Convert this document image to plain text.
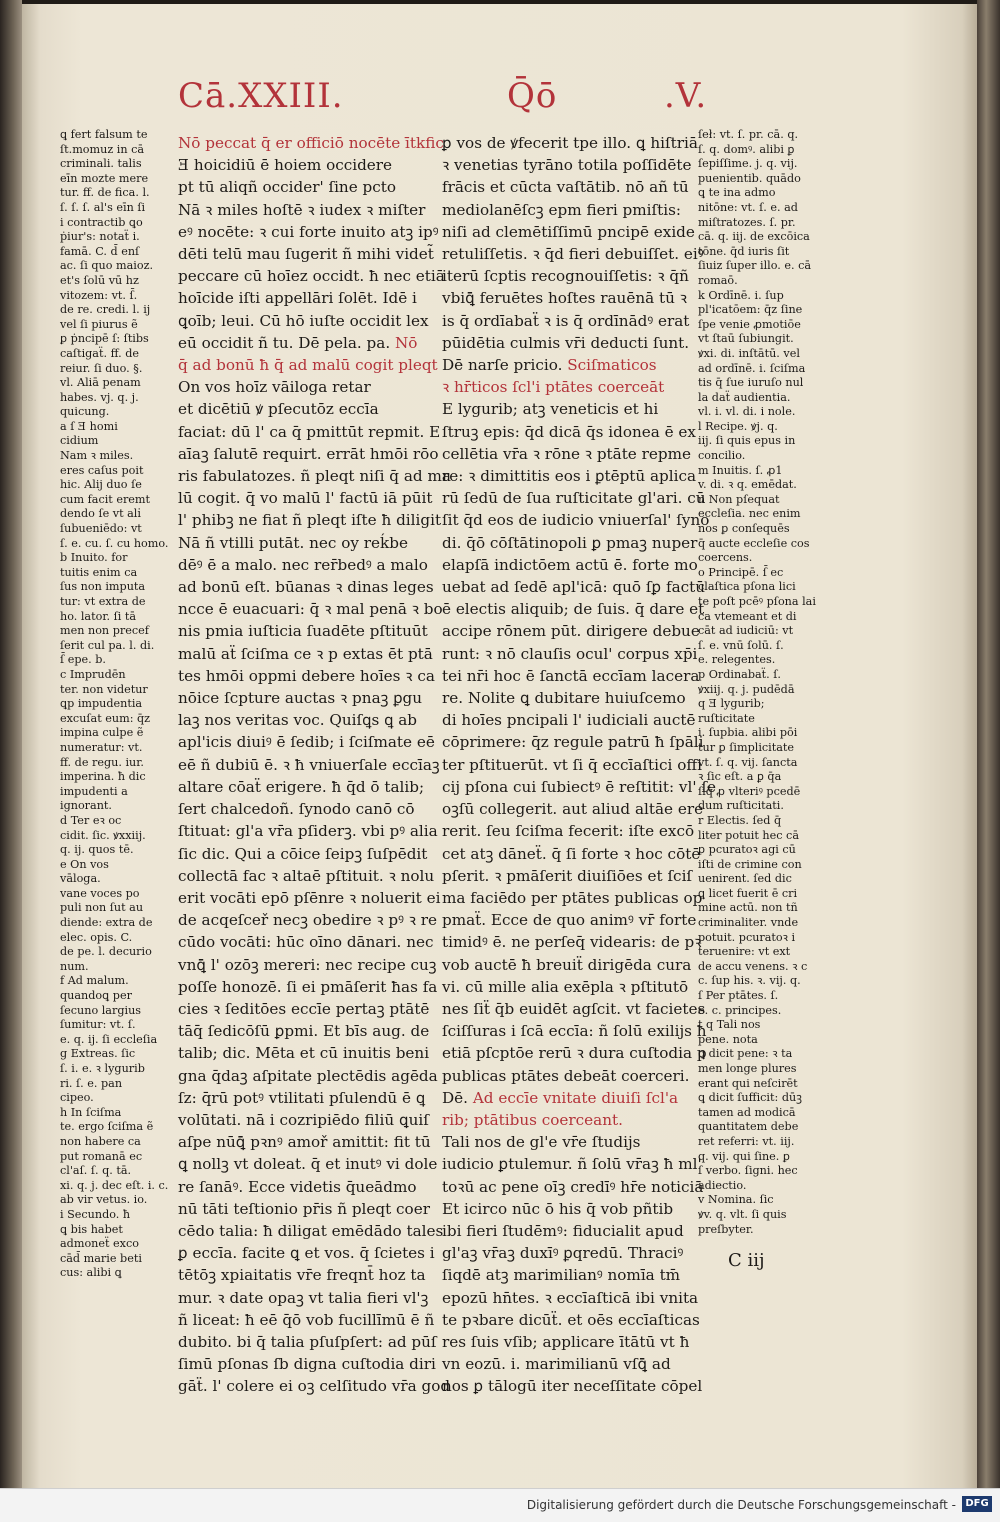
Cā.XXIII.	Q̄ō	.V.
ꝗ fert falsum te
ſt.momuz in cā
criminali. talis
eīn mozte mere
tur. ff. de fica. l.
ſ. ſ. ſ. al's eīn ſi
i contractib ꝗo
ṗiur's: notaẗ i.
famā. C. d̄ enſ
ac. ſi quo maioz.
et's ſolū vū hz
vitozem: vt. ſ̄.
de re. credi. l. ij
vel ſi piurus ẽ
ꝑ ṗncipē ſ: ſtibs
caſtigaẗ. ff. de
reiur. ſi duo. §.
vl. Aliā penam
habes. vj. q. j.
quicung.
a ſ Ǝ homi
cidium
Nam ꝛ miles.
eres caſus poit
hic. Alij duo ſe
cum facit eremt
dendo ſe vt ali̇
ſubueniēdo: vt
ſ. e. cu. ſ. cu homo.
b Inuito. for
tuitis enim ca
ſus non imputa
tur: vt extra de
ho. lator. ſi tā
men non precef
ſerit cul pa. l. di.
ſ̄ epe. b.
c Imprudēn
ter. non videtur
ꝗp impudentia
excuſat eum: q̄z
impina culpe ẽ
numeratur: vt.
ff. de regu. iur.
imperina. ħ dic
impudenti a
ignorant.
d Ter eꝛ oc
cidit. ſic. ꝟxxiij.
q. ij. quos tē.
e On vos
vāloga.
vane voces po
puli non ſut au
diende: extra de
elec. opis. C.
de pe. l. decurio
num.
f Ad malum.
quandoꝗ per
ſecuno largius
ſumitur: vt. ſ.
e. q. ij. ſi eccleſia
g Extreas. ſic
ſ. i. e. ꝛ lygurib
ri. ſ. e. pan
cipeo.
h In ſciſma
te. ergo ſciſma ẽ
non habere ca
put romanā ec
cl'aſ. ſ. q. tā.
xi. q. j. dec eſt. i. c.
ab vir vetus. io.
i Secundo. ħ
ꝗ bis habet
admoneẗ exco
cād̄ marie beti
cus: alibi ꝗ
Nō peccat q̄ er officiō nocēte ītkfic
Ǝ hoicidiū ē hoiem occidere
pt tū aliqñ occider' ſine pcto
Nā ꝛ miles hoſtē ꝛ iudex ꝛ miſter
eꝰ nocēte: ꝛ cui forte inuito atꝫ ipꝰ
dēti telū mau ſugerit ñ mihi videt̃
peccare cū hoīez occidt. ħ nec etiā
hoīcide iſti appellāri ſolēt. Idē i
ꝗoīb; leui. Cū hō iuſte occidit lex
eū occidit ñ tu. Dē pela. pa. Nō
q̄ ad bonū ħ q̄ ad malū cogit pleqt
On vos hoīz vāiloga retar
et dicētiū ꝟ pſecutōz eccīa
faciat: dū l' ca q̄ pmittūt repmit. E
aīaꝫ ſalutē requirt. errāt hmōi rōo
ris fabulatozes. ñ pleqt niſi q̄ ad ma
lū cogit. q̄ vo malū l' factū iā pūit
l' phibꝫ ne fiat ñ pleqt iſte ħ diligit
Nā ñ vtilli putāt. nec oy reḱbe
dēꝰ ē a malo. nec rer̄bedꝰ a malo
ad bonū eſt. būanas ꝛ dinas leges
ncce ē euacuari: q̄ ꝛ mal penā ꝛ bo
nis pmia iuſticia ſuadēte pſtituūt
malū aẗ ſciſma ce ꝛ p extas ēt ptā
tes hmōi oppmi debere hoīes ꝛ ca
nōice ſcpture auctas ꝛ pnaꝫ ꝑgu
laꝫ nos veritas voc. Quiſꝗs ꝗ ab
apl'icis diuiꝰ ē ſedib; i ſciſmate eē
eē ñ dubiū ē. ꝛ ħ vniuerſale eccīaꝫ
altare cōaẗ erigere. ħ q̄d ō talib;
ſert chalcedoñ. ſynodo canō cō
ſtituat: gl'a vr̄a pſiderꝫ. vbi pꝰ alia
ſic dic. Qui a cōice ſeipꝫ ſuſpēdit
collectā fac ꝛ altaē pſtituit. ꝛ nolu
erit vocāti epō pſēnre ꝛ noluerit ei
de acqeſceř necꝫ obedire ꝛ pꝰ ꝛ re
cūdo vocāti: hūc oīno dānari. nec
vnꝗ̄ l' ozōꝫ mereri: nec recipe cuꝫ
poſſe honozē. ſi ei pmāſerit ħas fa
cies ꝛ ſeditōes eccīe pertaꝫ ptātē
tāq̄ ſedicōſū ꝑpmi. Et bīs aug. de
talib; dic. Mēta et cū inuitis beni
gna q̄daꝫ aſpitate plectēdis agēda
ſz: q̄rū potꝰ vtilitati pſulendū ē ꝗ
volūtati. nā i cozripiēdo filiū ꝗuiſ
aſpe nūꝗ̄ pꝛnꝰ amoř amittit: fit tū
ꝗ nollꝫ vt doleat. q̄ et inutꝰ vi dole
re ſanāꝰ. Ecce videtis q̄ueādmo
nū tāti teſtionio pr̄is ñ pleqt coer
cēdo talia: ħ diligat emēdādo tales
ꝑ eccīa. facite ꝗ et vos. q̄ ſcietes i
tētōꝫ xpiaitatis vr̄e freqnt̄ hoz ta
mur. ꝛ date opaꝫ vt talia fieri vl'ꝫ
ñ liceat: ħ eē q̄ō vob fucillīmū ē ñ
dubito. bi q̄ talia pſuſpſert: ad pūſ
ſimū pſonas ſb digna cuſtodia diri
gāẗ. l' colere ei oꝫ celſitudo vr̄a god
ꝑ vos de ꝟfecerit tpe illo. ꝗ hiſtriā
ꝛ venetias tyrāno totila poſſidēte
frācis et cūcta vaſtātib. nō añ tū
mediolanēſcꝫ epm fieri pmiſtis:
niſi ad clemētiſſimū pncipē exide
retuliſſetis. ꝛ q̄d fieri debuiſſet. eiꝰ
iterū ſcptis recognouiſſetis: ꝛ q̄ñ
vbiꝗ̄ feruētes hoſtes rauēnā tū ꝛ
is q̄ ordīabaẗ ꝛ is q̄ ordīnādꝰ erat
pūidētia culmis vr̄i deducti ſunt.
Dē narſe pricio. Sciſmaticos
ꝛ hr̄ticos ſcl'i ptātes coerceāt
E lygurib; atꝫ veneticis et hi
ſtruꝫ epis: q̄d dicā q̄s idonea ē ex
cellētia vr̄a ꝛ rōne ꝛ ptāte repme
re: ꝛ dimittitis eos i ꝑtēptū aplica
rū ſedū de ſua ruſticitate gl'ari. cū
ſit q̄d eos de iudicio vniuerſal' ſyno
di. q̄ō cōſtātinopoli ꝑ pmaꝫ nuper
elapſā indictōem actū ē. forte mo
uebat ad ſedē apl'icā: quō ſꝑ factū
ē electis aliquib; de ſuis. q̄ dare et
accipe rōnem pūt. dirigere debue
runt: ꝛ nō clauſis ocul' corpus xp̄i
tei nr̄i hoc ē ſanctā eccīam lacera
re. Nolite ꝗ dubitare huiuſcemo
di hoīes pncipali l' iudiciali auctē
cōprimere: q̄z regule patrū ħ ſpāli
ter pſtituerūt. vt ſi q̄ eccīaſtici offi
cij pſona cui ſubiectꝰ ē reſtitit: vl' ſe
oꝫſū collegerit. aut aliud altāe ere
rerit. ſeu ſciſma fecerit: iſte excō
cet atꝫ dāneẗ. q̄ ſi forte ꝛ hoc cōtē
pſerit. ꝛ pmāſerit diuiſiōes et ſciſ
ma faciēdo per ptātes publicas op
pmaẗ. Ecce de quo animꝰ vr̄ forte
timidꝰ ē. ne perſeq̄ videaris: de pꝛ
vob auctē ħ breuiẗ dirigēda cura
vi. cū mille alia exēpla ꝛ pſtitutō
nes ſiẗ q̄b euidēt agſcit. vt facietes
ſciſſuras i ſcā eccīa: ñ ſolū exilijs ħ
etiā pſcptōe rerū ꝛ dura cuſtodia p
publicas ptātes debeāt coerceri.
Dē. Ad eccīe vnitate diuiſi ſcl'a
rib; ptātibus coerceant.
Tali nos de gl'e vr̄e ſtudijs
iudicio ꝑtulemur. ñ ſolū vr̄aꝫ ħ ml'
toꝛū ac pene oīꝫ credīꝰ hr̄e noticiā
Et icirco nūc ō his q̄ vob pñtib
ibi fieri ſtudēmꝰ: fiducialit apud
gl'aꝫ vr̄aꝫ duxīꝰ ꝑqredū. Thraciꝰ
ſiqdē atꝫ marimilianꝰ nomīa tm̄
epozū hn̄tes. ꝛ eccīaſticā ibi vnita
te pꝛbare dicūẗ. et oēs eccīaſticas
res ſuis vſib; applicare ītātū vt ħ
vn eozū. i. marimilianū vſꝗ̄ ad
nos ꝑ tālogū iter neceſſitate cōpel
ſeł: vt. ſ. pr. cā. q.
ſ. q. domꝰ. alibi ꝑ
ſepiſſime. j. q. vij.
puenientib. quādo
ꝗ te ina admo
nitōne: vt. ſ. e. ad
miſtratozes. ſ. pr.
cā. q. iij. de excōica
tōne. q̄d iuris ſit
ſiuiz ſuper illo. e. cā
romaō.
k Ordīnē. i. ſup
pl'icatōem: q̄z ſine
ſpe venie ꝓmotiōe
vt ſtaū ſubiungit.
ꝟxi. di. inſtātū. vel
ad ordīnē. i. ſciſma
tis q̄ ſue iuruſo nul
la daẗ audientia.
vl. i. vl. di. i nole.
l Recipe. ꝟj. q.
iij. ſi quis epus in
concilio.
m Inuitis. ſ. ꝓ1
v. di. ꝛ q. emēdat.
n Non pſequat
eccleſia. nec enim
nos ꝑ conſequēs
q̄ aucte eccleſie cos
coercens.
o Principē. ſ̄ ec
claſtica pſona lici
te poſt pcēꝰ pſona lai
ca vtemeant et di
cāt ad iudiciū: vt
ſ. e. vnū ſolū. ſ.
e. relegentes.
p Ordinabaẗ. ſ.
ꝟxiij. q. j. pudēdā
q Ǝ lygurib;
ruſticitate
i. ſupbia. alibi pōi
tur ꝑ ſimplicitate
vt. ſ. q. vij. ſancta
ꝛ ſic eſt. a ꝑ q̄a
ſiq̄ ꝓ vlteriꝰ pcedē
dum ruſticitati.
r Electis. ſed q̄
liter potuit hec cā
ꝑ pcuratoꝛ agi cū
iſti de crimine con
uenirent. ſed dic
ꝗ licet fuerit ē cri
mine actū. non tñ
criminaliter. vnde
potuit. pcuratoꝛ i
teruenire: vt ext
de accu venens. ꝛ c
c. ſup his. ꝛ. vij. q.
ſ Per ptātes. ſ.
e. c. principes.
t q Tali nos
pene. nota
ꝗ dicit pene: ꝛ ta
men longe plures
erant qui neſcirēt
ꝗ dicit ſufficit: dūꝫ
tamen ad modicā
quantitatem debe
ret referri: vt. iij.
q. vij. qui ſine. ꝑ
ſ verbo. ſigni. hec
adiectio.
v Nomina. ſic
ꝟv. q. vlt. ſi quis
preſbyter.
C iij
Digitalisierung gefördert durch die Deutsche Forschungsgemeinschaft - DFG
